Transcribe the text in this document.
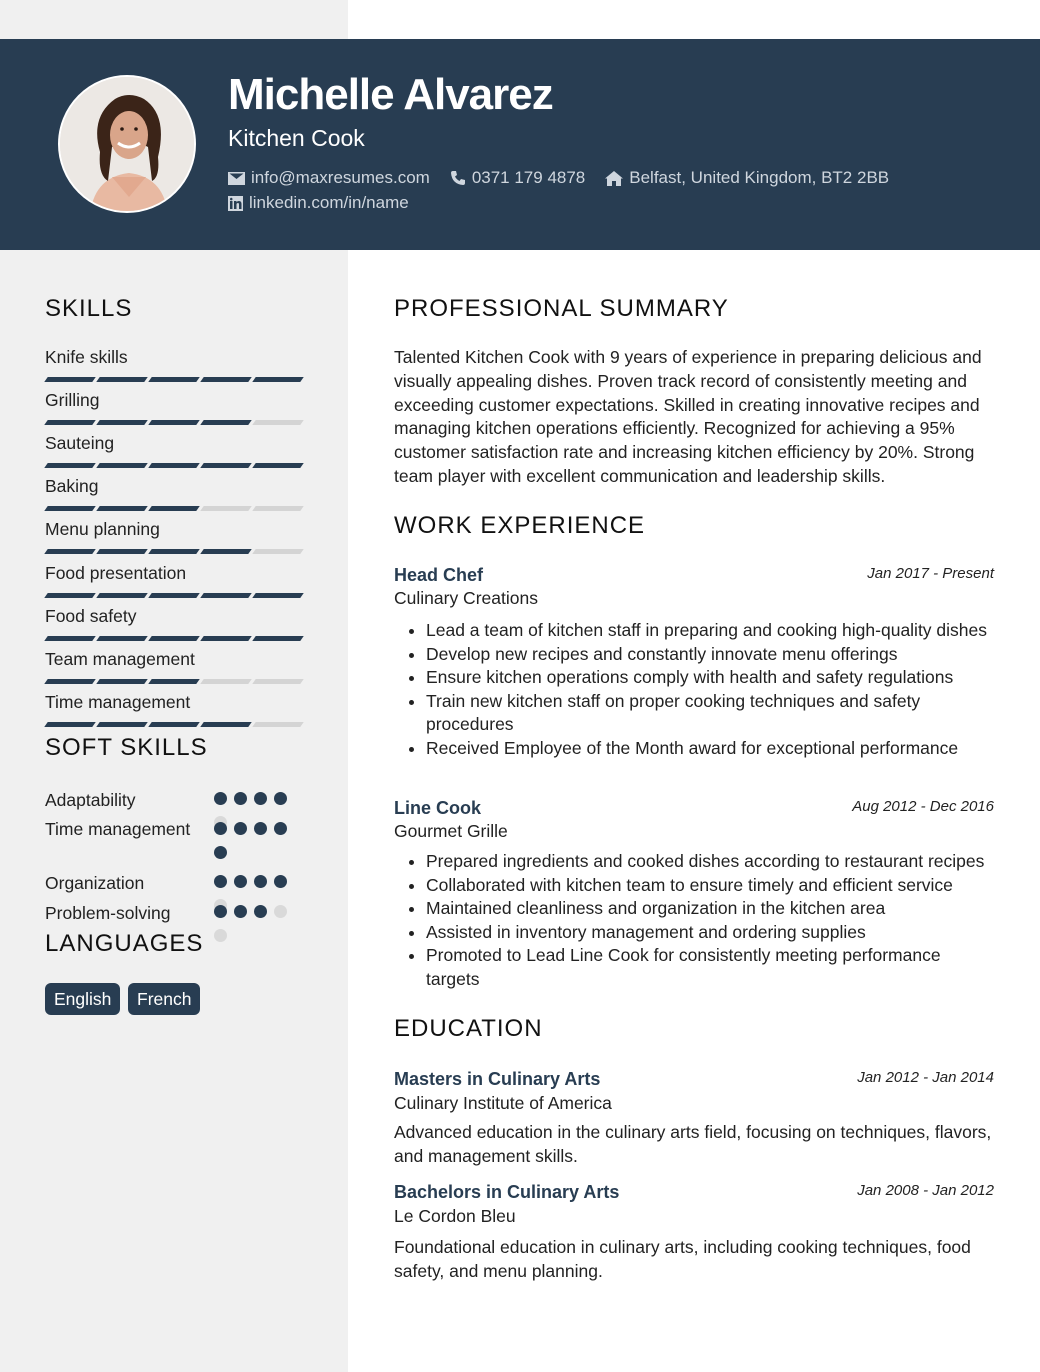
Michelle Alvarez
Kitchen Cook
info@maxresumes.com 0371 179 4878	Belfast, United Kingdom, BT2 2BB
linkedin.com/in/name
SKILLS
Knife skills
Grilling
Sauteing
Baking
Menu planning
Food presentation
Food safety
Team management
Time management
SOFT SKILLS
Adaptability
Time management
Organization
Problem-solving
LANGUAGES
English	French
PROFESSIONAL SUMMARY
Talented Kitchen Cook with 9 years of experience in preparing delicious and visually appealing dishes. Proven track record of consistently meeting and exceeding customer expectations. Skilled in creating innovative recipes and managing kitchen operations efficiently. Recognized for achieving a 95% customer satisfaction rate and increasing kitchen efficiency by 20%. Strong team player with excellent communication and leadership skills.
WORK EXPERIENCE
Head Chef	Jan 2017 - Present
Culinary Creations
Lead a team of kitchen staff in preparing and cooking high-quality dishes
Develop new recipes and constantly innovate menu offerings
Ensure kitchen operations comply with health and safety regulations
Train new kitchen staff on proper cooking techniques and safety procedures
Received Employee of the Month award for exceptional performance
Line Cook	Aug 2012 - Dec 2016
Gourmet Grille
Prepared ingredients and cooked dishes according to restaurant recipes
Collaborated with kitchen team to ensure timely and efficient service
Maintained cleanliness and organization in the kitchen area
Assisted in inventory management and ordering supplies
Promoted to Lead Line Cook for consistently meeting performance targets
EDUCATION
Masters in Culinary Arts	Jan 2012 - Jan 2014
Culinary Institute of America
Advanced education in the culinary arts field, focusing on techniques, flavors, and management skills.
Bachelors in Culinary Arts	Jan 2008 - Jan 2012
Le Cordon Bleu
Foundational education in culinary arts, including cooking techniques, food safety, and menu planning.
